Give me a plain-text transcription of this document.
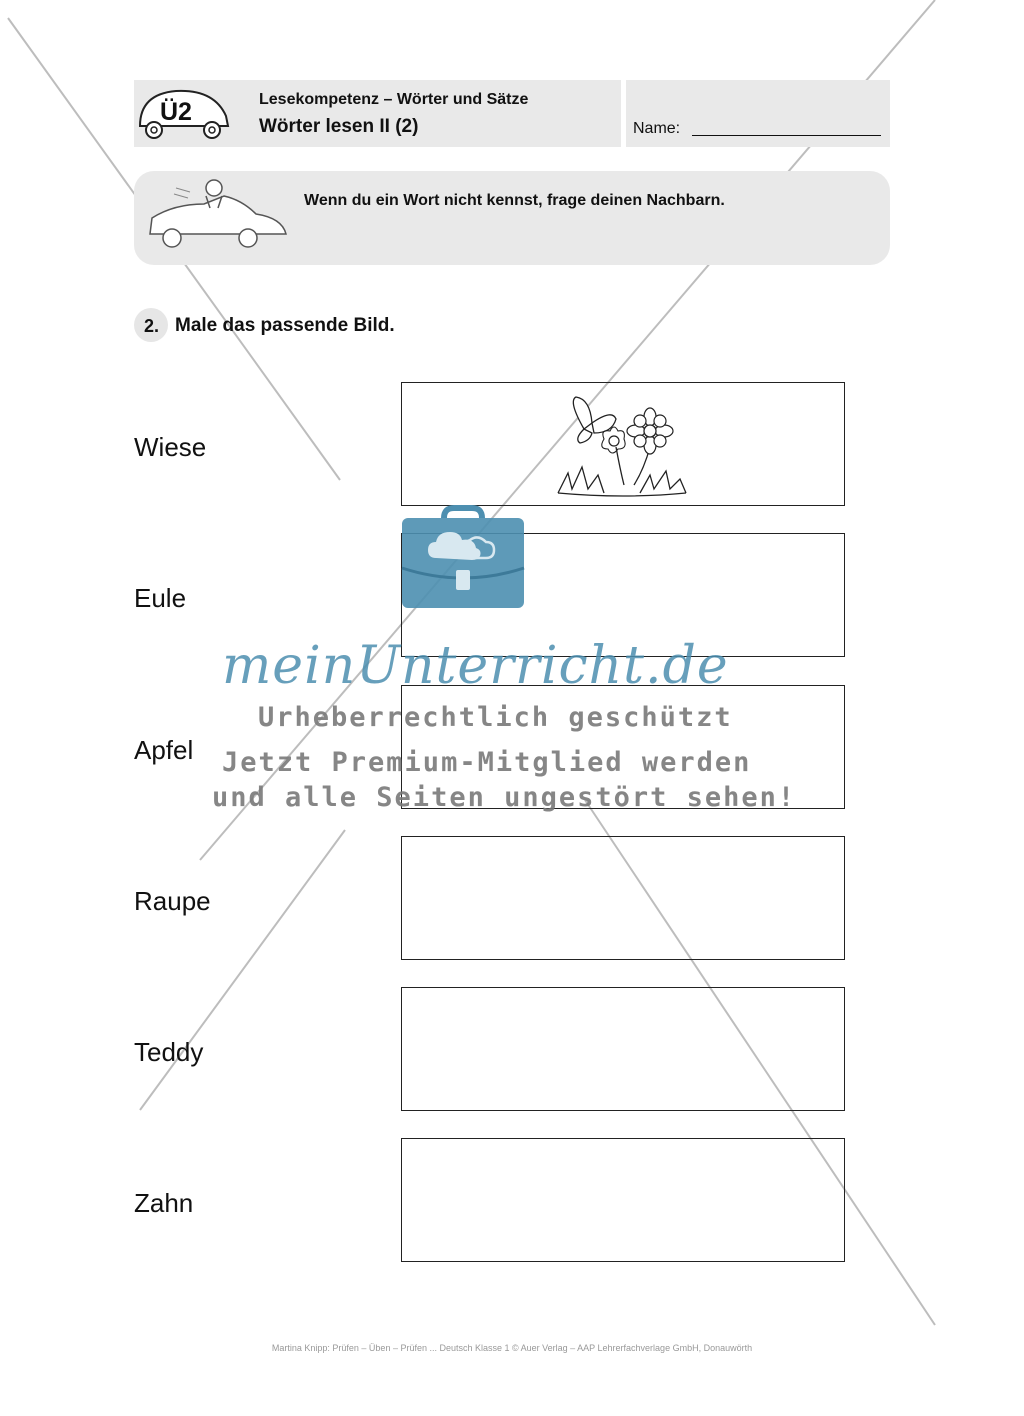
Ü2	Lesekompetenz – Wörter und Sätze
Wörter lesen II (2)	Name:
Wenn du ein Wort nicht kennst, frage deinen Nachbarn.
2. Male das passende Bild.
Wiese
Eule
Apfel
Raupe
Teddy
Zahn
meinUnterricht.de
Urheberrechtlich geschützt
Jetzt Premium-Mitglied werden
und alle Seiten ungestört sehen!
Martina Knipp: Prüfen – Üben – Prüfen ... Deutsch Klasse 1 © Auer Verlag – AAP Lehrerfachverlage GmbH, Donauwörth
